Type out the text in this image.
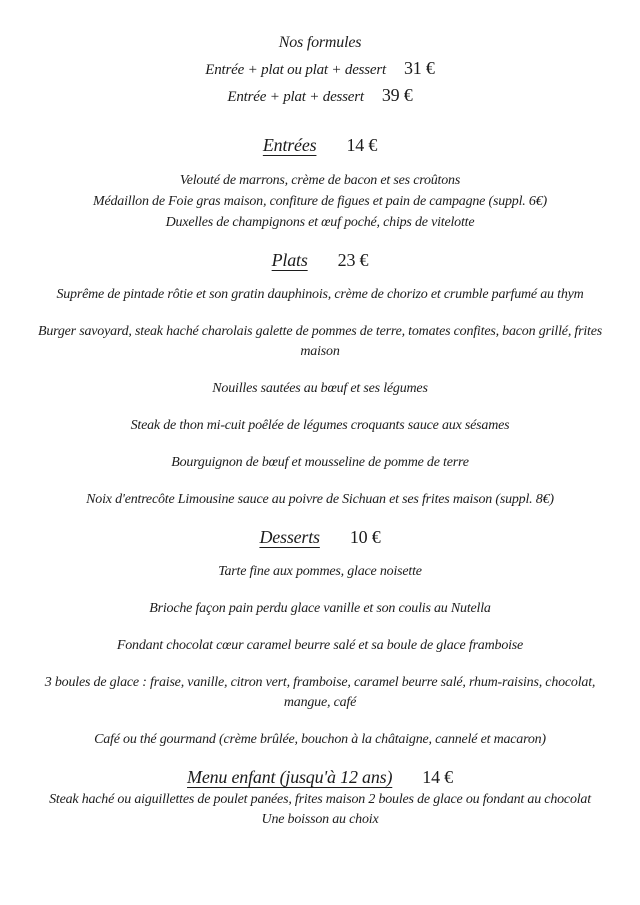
Nos formules
Entrée + plat ou plat + dessert 31 €
Entrée + plat + dessert 39 €
Entrées 14 €

Velouté de marrons, crème de bacon et ses croûtons

Médaillon de Foie gras maison, confiture de figues et pain de campagne (suppl. 6€)

Duxelles de champignons et œuf poché, chips de vitelotte

Plats 23 €

Suprême de pintade rôtie et son gratin dauphinois, crème de chorizo et crumble parfumé au thym

Burger savoyard, steak haché charolais galette de pommes de terre, tomates confites, bacon grillé, frites maison

Nouilles sautées au bœuf et ses légumes

Steak de thon mi-cuit poêlée de légumes croquants sauce aux sésames

Bourguignon de bœuf et mousseline de pomme de terre

Noix d'entrecôte Limousine sauce au poivre de Sichuan et ses frites maison (suppl. 8€)

Desserts 10 €

Tarte fine aux pommes, glace noisette

Brioche façon pain perdu glace vanille et son coulis au Nutella

Fondant chocolat cœur caramel beurre salé et sa boule de glace framboise

3 boules de glace : fraise, vanille, citron vert, framboise, caramel beurre salé, rhum-raisins, chocolat, mangue, café

Café ou thé gourmand (crème brûlée, bouchon à la châtaigne, cannelé et macaron)

Menu enfant (jusqu'à 12 ans) 14 €

Steak haché ou aiguillettes de poulet panées, frites maison 2 boules de glace ou fondant au chocolat

Une boisson au choix
